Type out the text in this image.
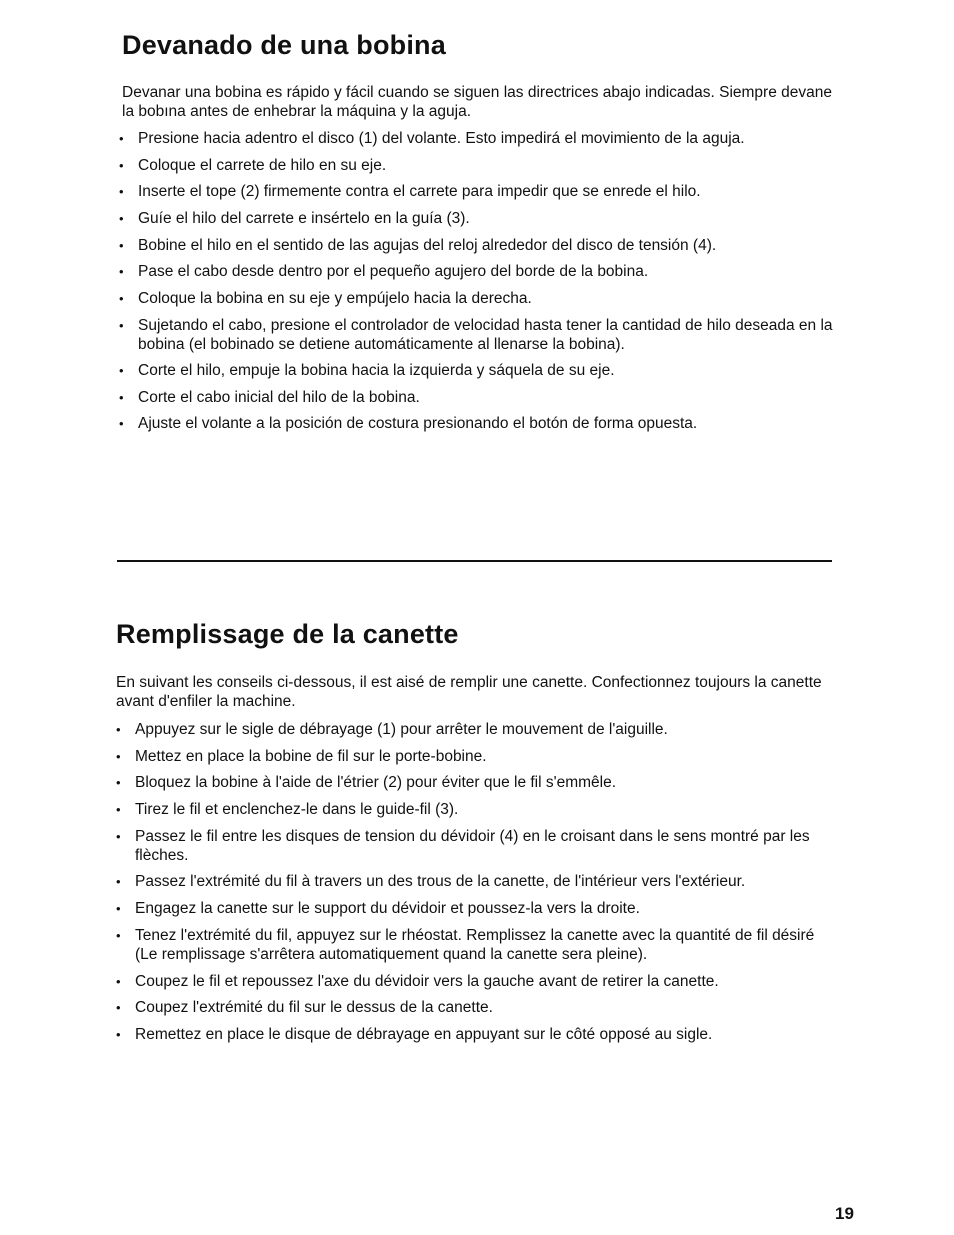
Devanado de una bobina

Devanar una bobina es rápido y fácil cuando se siguen las directrices abajo indicadas. Siempre devane la bobına antes de enhebrar la máquina y la aguja.

• Presione hacia adentro el disco (1) del volante. Esto impedirá el movimiento de la aguja.
• Coloque el carrete de hilo en su eje.
• Inserte el tope (2) firmemente contra el carrete para impedir que se enrede el hilo.
• Guíe el hilo del carrete e insértelo en la guía (3).
• Bobine el hilo en el sentido de las agujas del reloj alrededor del disco de tensión (4).
• Pase el cabo desde dentro por el pequeño agujero del borde de la bobina.
• Coloque la bobina en su eje y empújelo hacia la derecha.
• Sujetando el cabo, presione el controlador de velocidad hasta tener la cantidad de hilo deseada en la bobina (el bobinado se detiene automáticamente al llenarse la bobina).
• Corte el hilo, empuje la bobina hacia la izquierda y sáquela de su eje.
• Corte el cabo inicial del hilo de la bobina.
• Ajuste el volante a la posición de costura presionando el botón de forma opuesta.
Remplissage de la canette

En suivant les conseils ci-dessous, il est aisé de remplir une canette. Confectionnez toujours la canette avant d'enfiler la machine.

• Appuyez sur le sigle de débrayage (1) pour arrêter le mouvement de l'aiguille.
• Mettez en place la bobine de fil sur le porte-bobine.
• Bloquez la bobine à l'aide de l'étrier (2) pour éviter que le fil s'emmêle.
• Tirez le fil et enclenchez-le dans le guide-fil (3).
• Passez le fil entre les disques de tension du dévidoir (4) en le croisant dans le sens montré par les flèches.
• Passez l'extrémité du fil à travers un des trous de la canette, de l'intérieur vers l'extérieur.
• Engagez la canette sur le support du dévidoir et poussez-la vers la droite.
• Tenez l'extrémité du fil, appuyez sur le rhéostat. Remplissez la canette avec la quantité de fil désiré (Le remplissage s'arrêtera automatiquement quand la canette sera pleine).
• Coupez le fil et repoussez l'axe du dévidoir vers la gauche avant de retirer la canette.
• Coupez l'extrémité du fil sur le dessus de la canette.
• Remettez en place le disque de débrayage en appuyant sur le côté opposé au sigle.
19
